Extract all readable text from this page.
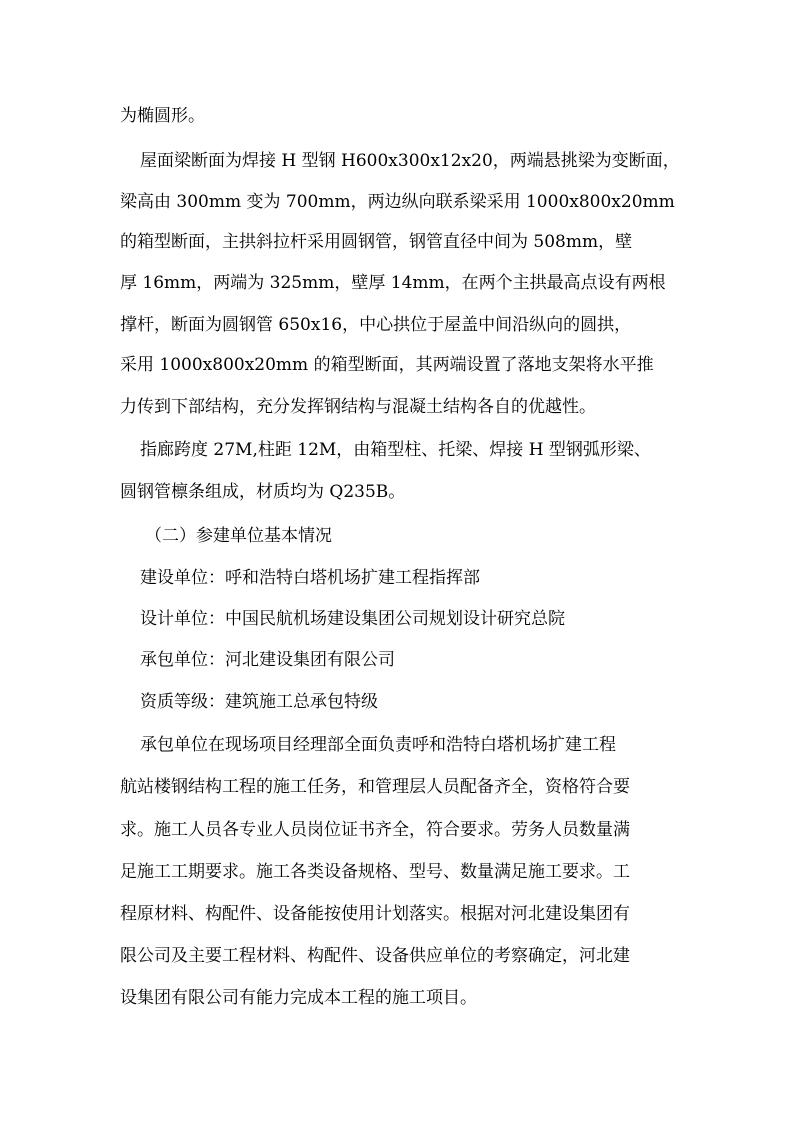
为椭圆形。
屋面梁断面为焊接 H 型钢 H600x300x12x20，两端悬挑梁为变断面，
梁高由 300mm 变为 700mm，两边纵向联系梁采用 1000x800x20mm
的箱型断面，主拱斜拉杆采用圆钢管，钢管直径中间为 508mm，壁
厚 16mm，两端为 325mm，壁厚 14mm，在两个主拱最高点设有两根
撑杆，断面为圆钢管 650x16，中心拱位于屋盖中间沿纵向的圆拱，
采用 1000x800x20mm 的箱型断面，其两端设置了落地支架将水平推
力传到下部结构，充分发挥钢结构与混凝土结构各自的优越性。
指廊跨度 27M,柱距 12M，由箱型柱、托梁、焊接 H 型钢弧形梁、
圆钢管檩条组成，材质均为 Q235B。
（二）参建单位基本情况
建设单位：呼和浩特白塔机场扩建工程指挥部
设计单位：中国民航机场建设集团公司规划设计研究总院
承包单位：河北建设集团有限公司
资质等级：建筑施工总承包特级
承包单位在现场项目经理部全面负责呼和浩特白塔机场扩建工程
航站楼钢结构工程的施工任务，和管理层人员配备齐全，资格符合要
求。施工人员各专业人员岗位证书齐全，符合要求。劳务人员数量满
足施工工期要求。施工各类设备规格、型号、数量满足施工要求。工
程原材料、构配件、设备能按使用计划落实。根据对河北建设集团有
限公司及主要工程材料、构配件、设备供应单位的考察确定，河北建
设集团有限公司有能力完成本工程的施工项目。
